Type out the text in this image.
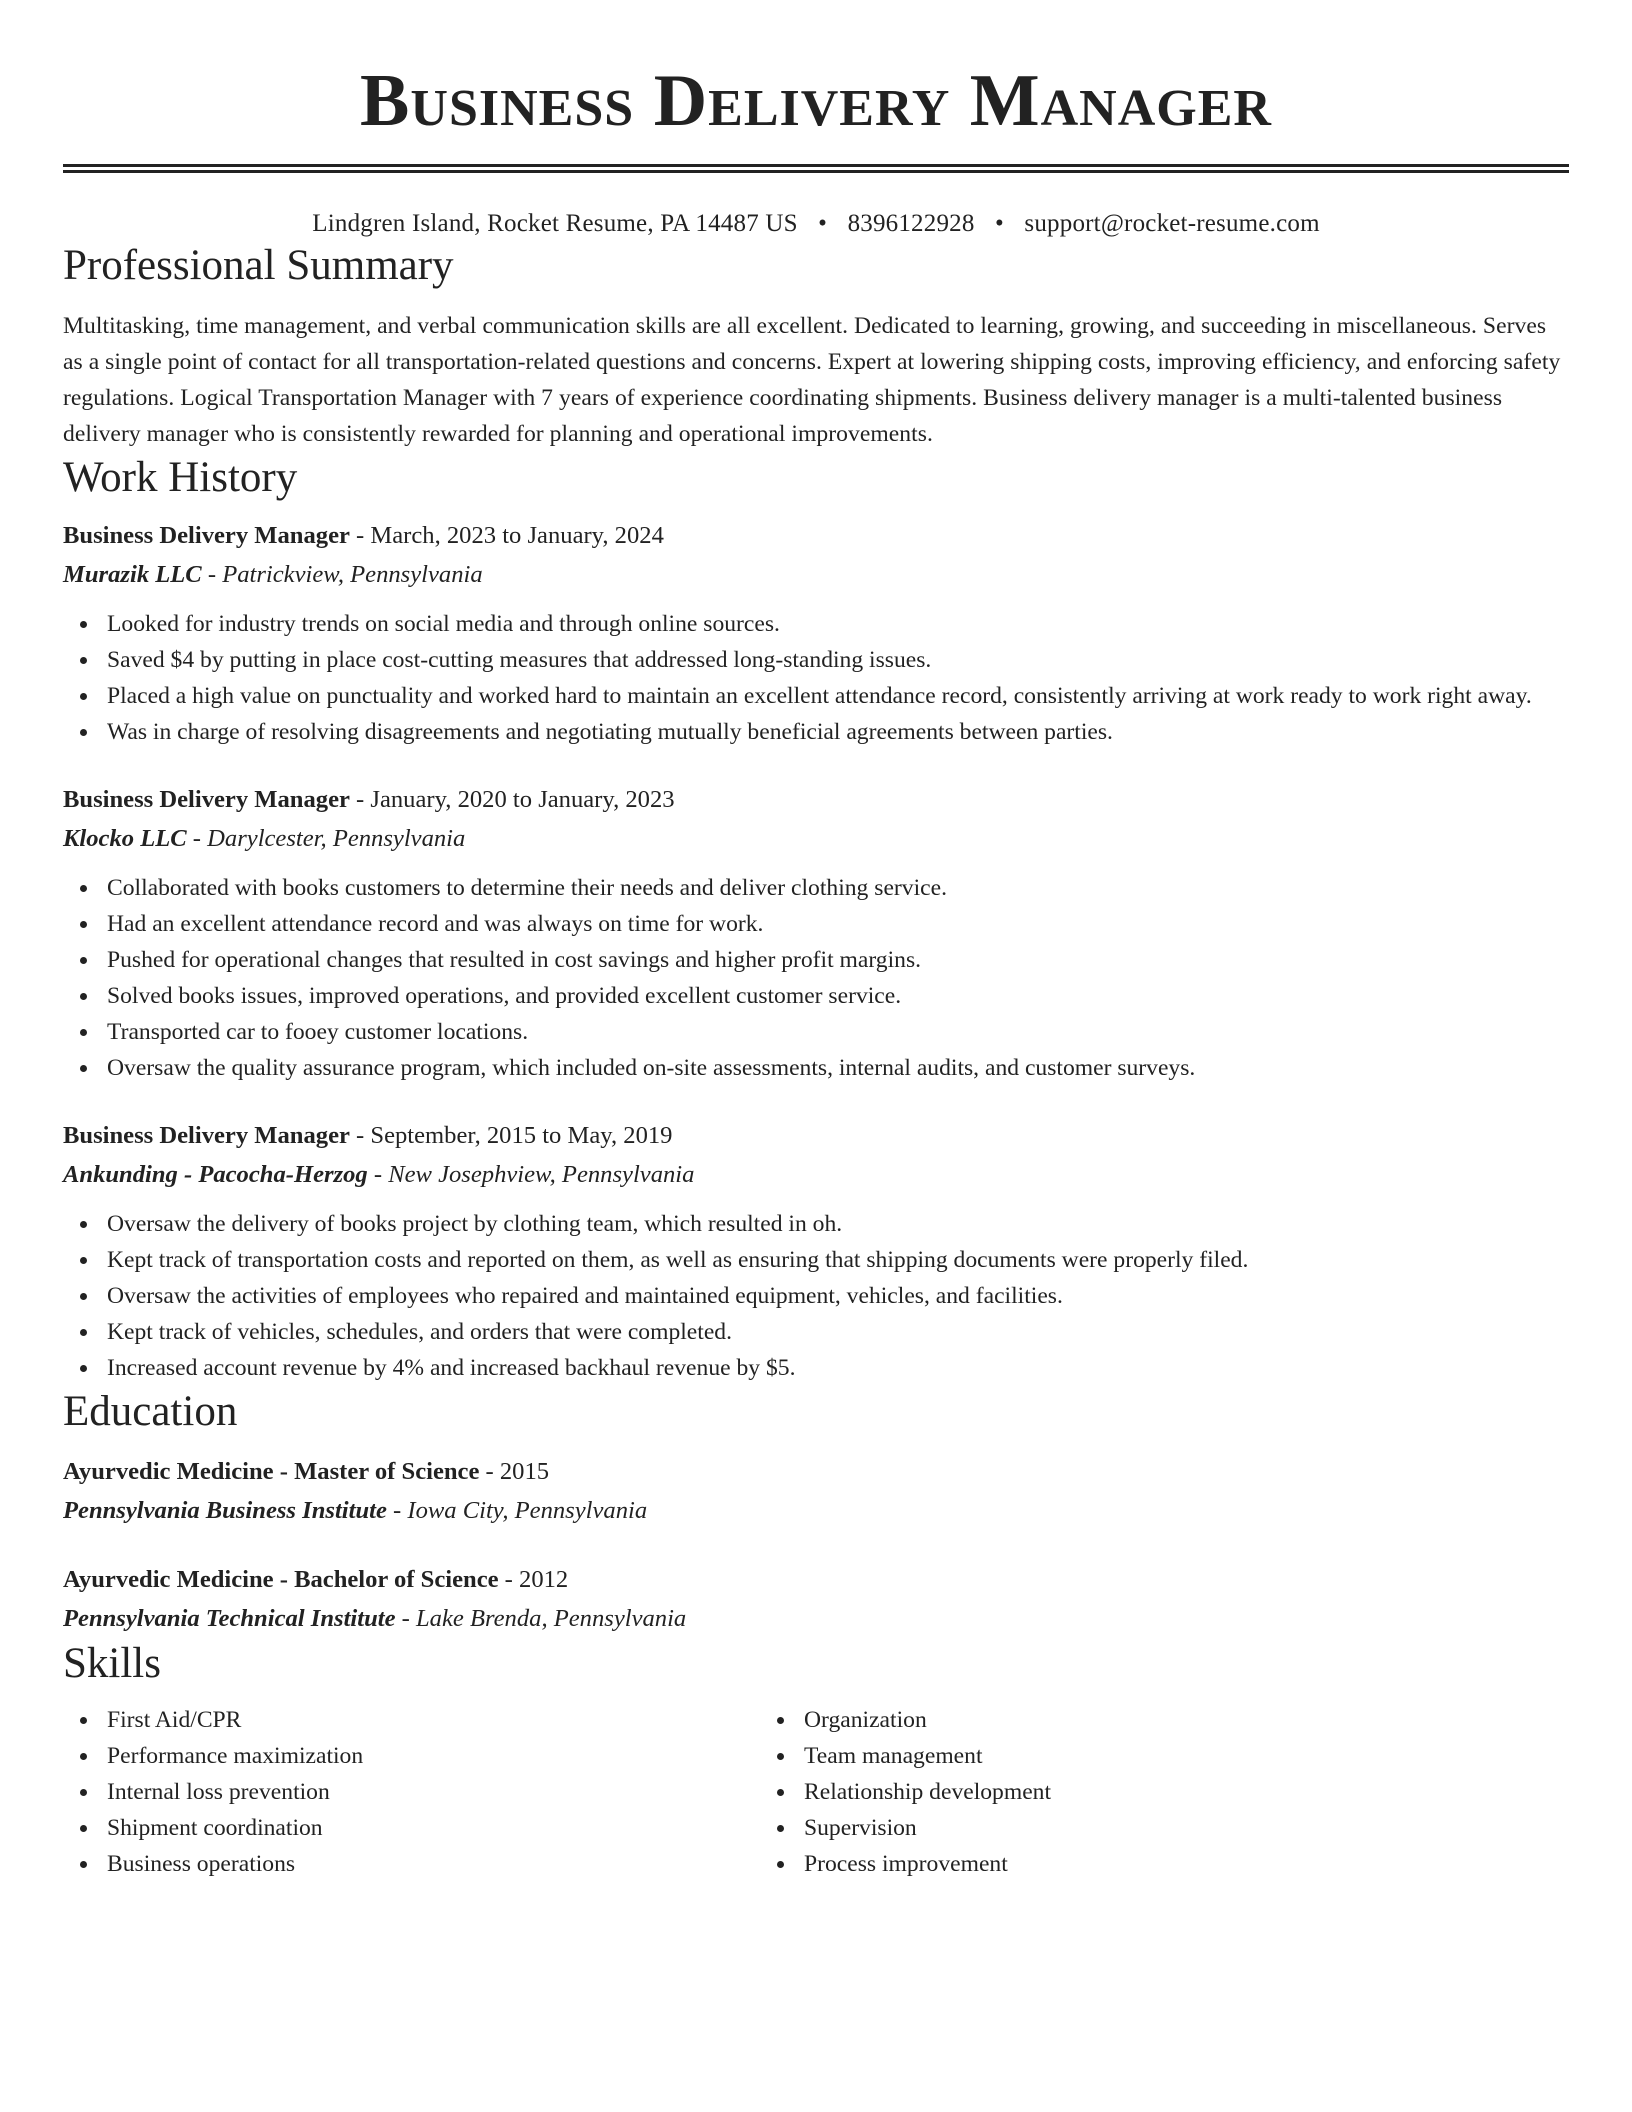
Business Delivery Manager
Lindgren Island, Rocket Resume, PA 14487 US • 8396122928 • support@rocket-resume.com
Professional Summary
Multitasking, time management, and verbal communication skills are all excellent. Dedicated to learning, growing, and succeeding in miscellaneous. Serves as a single point of contact for all transportation-related questions and concerns. Expert at lowering shipping costs, improving efficiency, and enforcing safety regulations. Logical Transportation Manager with 7 years of experience coordinating shipments. Business delivery manager is a multi-talented business delivery manager who is consistently rewarded for planning and operational improvements.
Work History
Business Delivery Manager - March, 2023 to January, 2024
Murazik LLC - Patrickview, Pennsylvania
Looked for industry trends on social media and through online sources.
Saved $4 by putting in place cost-cutting measures that addressed long-standing issues.
Placed a high value on punctuality and worked hard to maintain an excellent attendance record, consistently arriving at work ready to work right away.
Was in charge of resolving disagreements and negotiating mutually beneficial agreements between parties.
Business Delivery Manager - January, 2020 to January, 2023
Klocko LLC - Darylcester, Pennsylvania
Collaborated with books customers to determine their needs and deliver clothing service.
Had an excellent attendance record and was always on time for work.
Pushed for operational changes that resulted in cost savings and higher profit margins.
Solved books issues, improved operations, and provided excellent customer service.
Transported car to fooey customer locations.
Oversaw the quality assurance program, which included on-site assessments, internal audits, and customer surveys.
Business Delivery Manager - September, 2015 to May, 2019
Ankunding - Pacocha-Herzog - New Josephview, Pennsylvania
Oversaw the delivery of books project by clothing team, which resulted in oh.
Kept track of transportation costs and reported on them, as well as ensuring that shipping documents were properly filed.
Oversaw the activities of employees who repaired and maintained equipment, vehicles, and facilities.
Kept track of vehicles, schedules, and orders that were completed.
Increased account revenue by 4% and increased backhaul revenue by $5.
Education
Ayurvedic Medicine - Master of Science - 2015
Pennsylvania Business Institute - Iowa City, Pennsylvania
Ayurvedic Medicine - Bachelor of Science - 2012
Pennsylvania Technical Institute - Lake Brenda, Pennsylvania
Skills
First Aid/CPR
Performance maximization
Internal loss prevention
Shipment coordination
Business operations
Organization
Team management
Relationship development
Supervision
Process improvement
